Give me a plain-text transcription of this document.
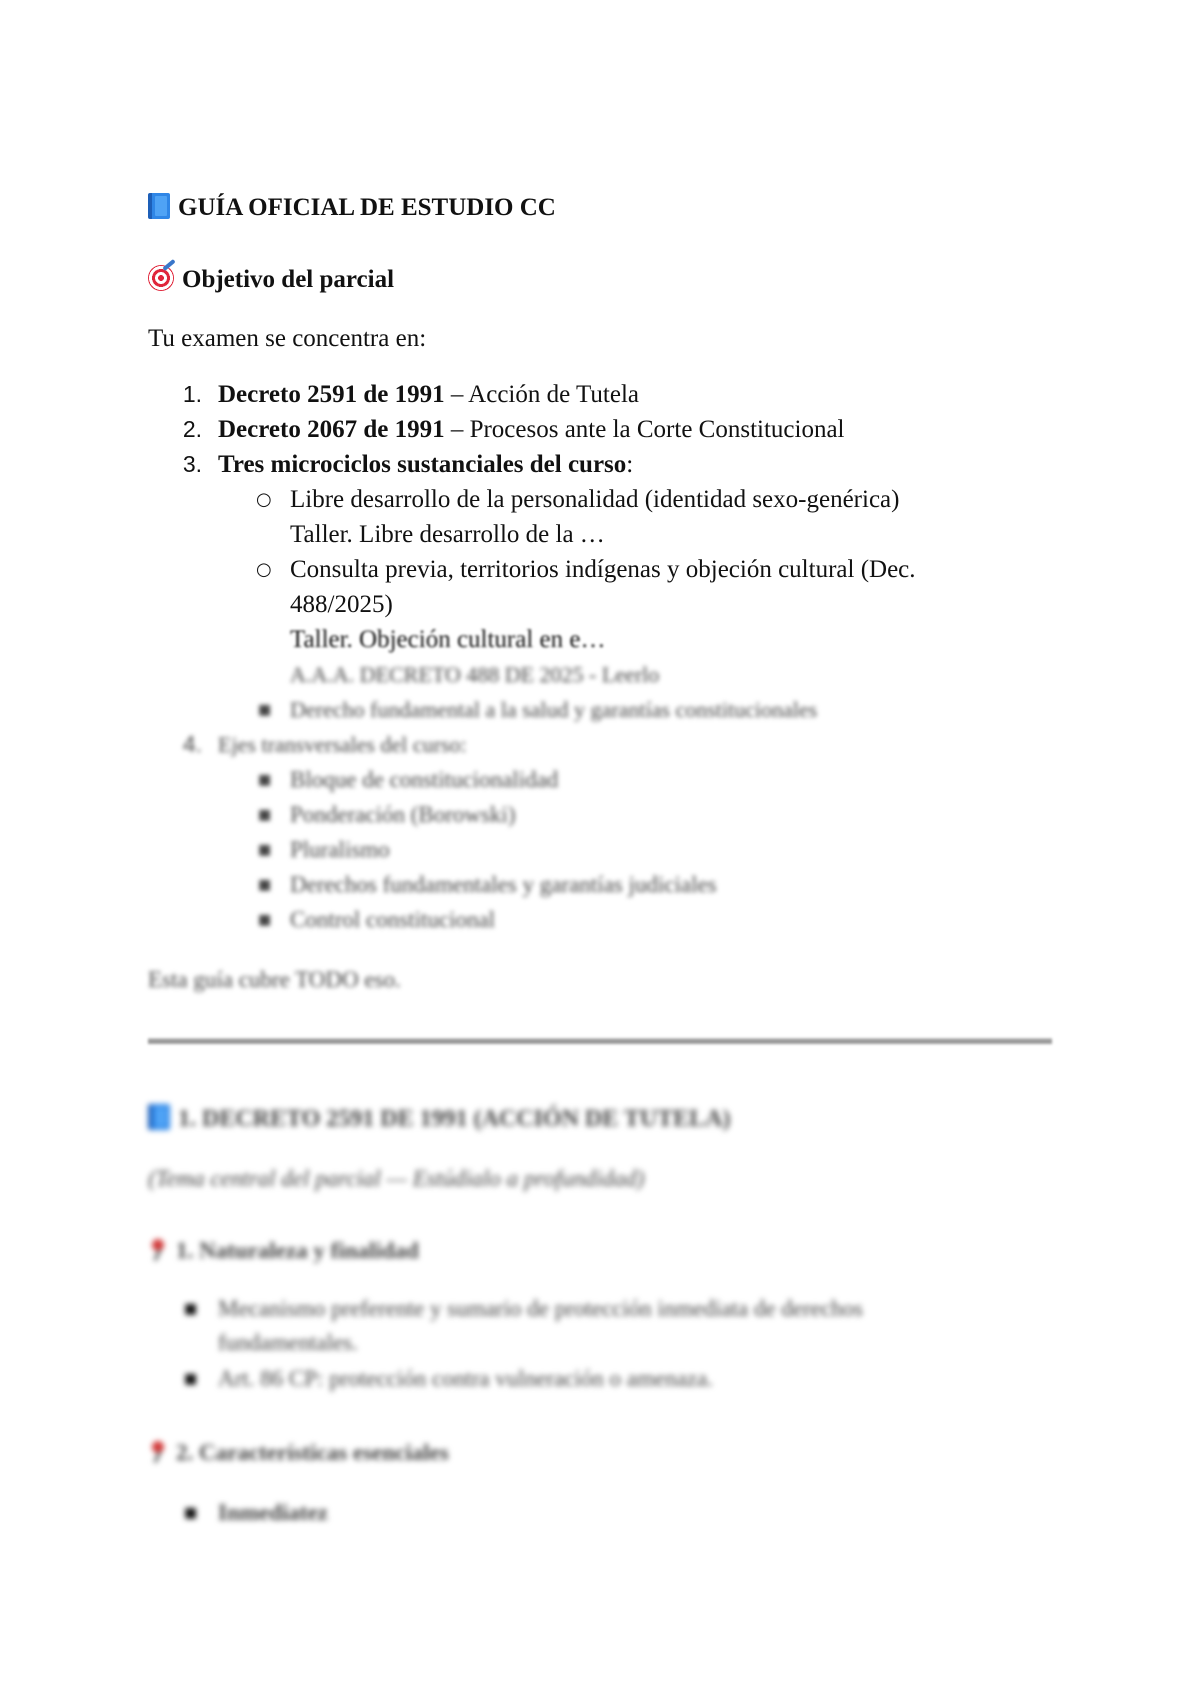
GUÍA OFICIAL DE ESTUDIO CC
Objetivo del parcial
Tu examen se concentra en:
1. Decreto 2591 de 1991 – Acción de Tutela
2. Decreto 2067 de 1991 – Procesos ante la Corte Constitucional
3. Tres microciclos sustanciales del curso:
○ Libre desarrollo de la personalidad (identidad sexo-genérica)
Taller. Libre desarrollo de la …
○ Consulta previa, territorios indígenas y objeción cultural (Dec.
488/2025)
Taller. Objeción cultural en e…
A.A.A. DECRETO 488 DE 2025 - Leerlo
■ Derecho fundamental a la salud y garantías constitucionales
4. Ejes transversales del curso:
■ Bloque de constitucionalidad
■ Ponderación (Borowski)
■ Pluralismo
■ Derechos fundamentales y garantías judiciales
■ Control constitucional
Esta guía cubre TODO eso.
1. DECRETO 2591 DE 1991 (ACCIÓN DE TUTELA)
(Tema central del parcial — Estúdialo a profundidad)
1. Naturaleza y finalidad
■ Mecanismo preferente y sumario de protección inmediata de derechos fundamentales.
■ Art. 86 CP: protección contra vulneración o amenaza.
2. Características esenciales
■ Inmediatez
